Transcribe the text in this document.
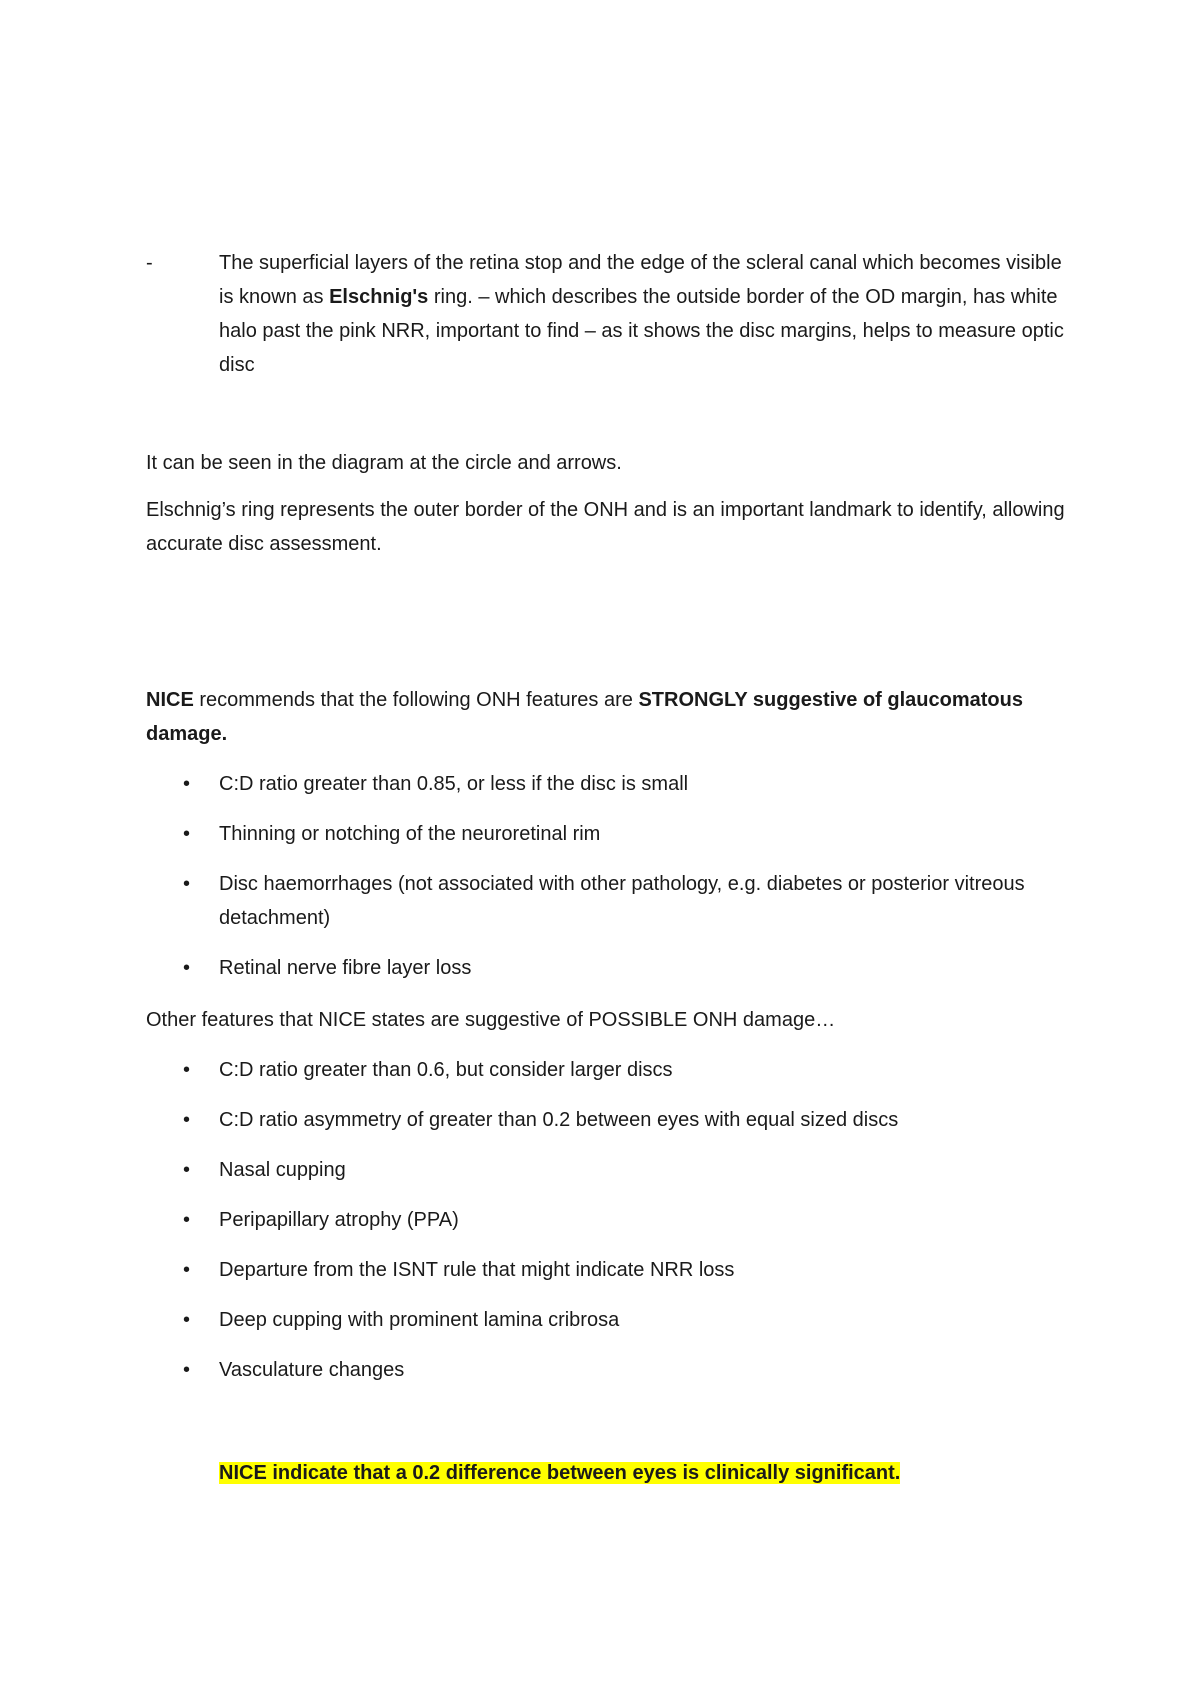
-	The superficial layers of the retina stop and the edge of the scleral canal which becomes visible is known as Elschnig's ring. – which describes the outside border of the OD margin, has white halo past the pink NRR, important to find – as it shows the disc margins, helps to measure optic disc

It can be seen in the diagram at the circle and arrows.

Elschnig’s ring represents the outer border of the ONH and is an important landmark to identify, allowing accurate disc assessment.

NICE recommends that the following ONH features are STRONGLY suggestive of glaucomatous damage.

• C:D ratio greater than 0.85, or less if the disc is small
• Thinning or notching of the neuroretinal rim
• Disc haemorrhages (not associated with other pathology, e.g. diabetes or posterior vitreous detachment)
• Retinal nerve fibre layer loss

Other features that NICE states are suggestive of POSSIBLE ONH damage…

• C:D ratio greater than 0.6, but consider larger discs
• C:D ratio asymmetry of greater than 0.2 between eyes with equal sized discs
• Nasal cupping
• Peripapillary atrophy (PPA)
• Departure from the ISNT rule that might indicate NRR loss
• Deep cupping with prominent lamina cribrosa
• Vasculature changes
NICE indicate that a 0.2 difference between eyes is clinically significant.
